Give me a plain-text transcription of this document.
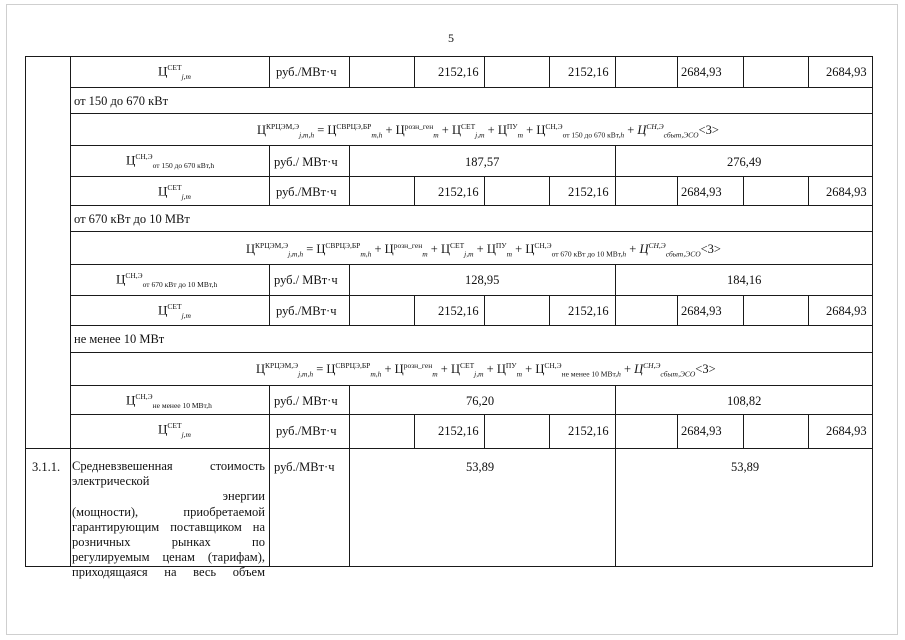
5
$Ц^{СЕТ}_{j,m}$	руб./МВт·ч	2152,16	2152,16	2684,93	2684,93
от 150 до 670 кВт
$Ц^{КРЦЭМ,Э}_{j,m,h} = Ц^{СВРЦЭ,БР}_{m,h} + Ц^{розн\_ген}_m + Ц^{СЕТ}_{j,m} + Ц^{ПУ}_m + Ц^{СН,Э}_{от 150 до 670 кВт,h} + Ц^{СН,Э}_{сбыт,ЭСО}<3>$
$Ц^{СН,Э}_{от 150 до 670 кВт,h}$	руб./ МВт·ч	187,57	276,49
$Ц^{СЕТ}_{j,m}$	руб./МВт·ч	2152,16	2152,16	2684,93	2684,93
от 670 кВт до 10 МВт
$Ц^{КРЦЭМ,Э}_{j,m,h} = Ц^{СВРЦЭ,БР}_{m,h} + Ц^{розн\_ген}_m + Ц^{СЕТ}_{j,m} + Ц^{ПУ}_m + Ц^{СН,Э}_{от 670 кВт до 10 МВт,h} + Ц^{СН,Э}_{сбыт,ЭСО}<3>$
$Ц^{СН,Э}_{от 670 кВт до 10 МВт,h}$	руб./ МВт·ч	128,95	184,16
$Ц^{СЕТ}_{j,m}$	руб./МВт·ч	2152,16	2152,16	2684,93	2684,93
не менее 10 МВт
$Ц^{КРЦЭМ,Э}_{j,m,h} = Ц^{СВРЦЭ,БР}_{m,h} + Ц^{розн\_ген}_m + Ц^{СЕТ}_{j,m} + Ц^{ПУ}_m + Ц^{СН,Э}_{не менее 10 МВт,h} + Ц^{СН,Э}_{сбыт,ЭСО}<3>$
$Ц^{СН,Э}_{не менее 10 МВт,h}$	руб./ МВт·ч	76,20	108,82
$Ц^{СЕТ}_{j,m}$	руб./МВт·ч	2152,16	2152,16	2684,93	2684,93
3.1.1. Средневзвешенная стоимость
электрической
энергии
(мощности), приобретаемой
гарантирующим поставщиком на
розничных рынках по
регулируемым ценам (тарифам),
приходящаяся на весь объем
руб./МВт·ч	53,89	53,89
